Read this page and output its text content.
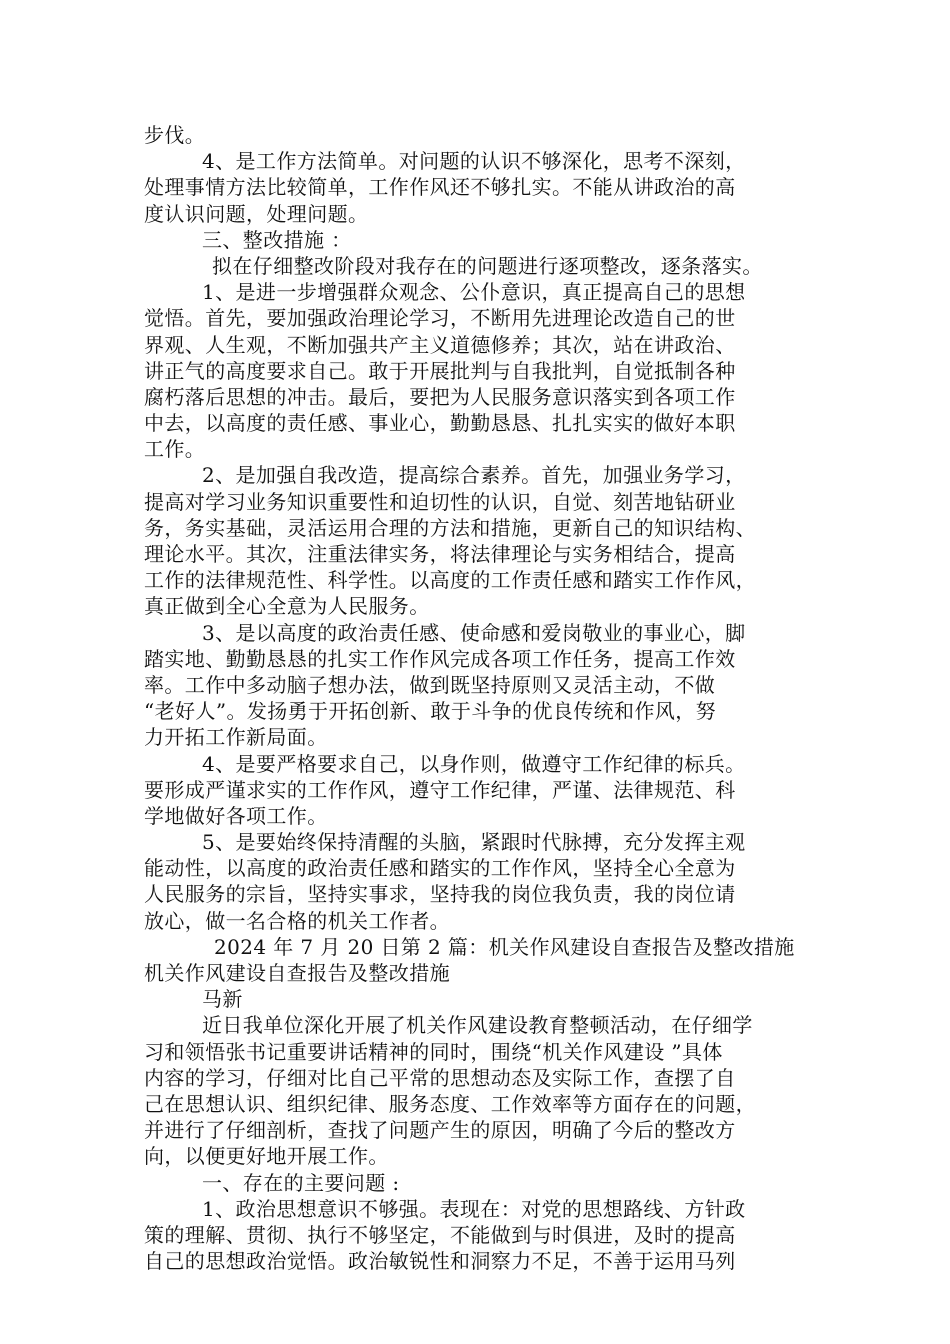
步伐。
4、是工作方法简单。对问题的认识不够深化，思考不深刻，
处理事情方法比较简单，工作作风还不够扎实。不能从讲政治的高
度认识问题，处理问题。
三、整改措施 ：
拟在仔细整改阶段对我存在的问题进行逐项整改，逐条落实。
1、是进一步增强群众观念、公仆意识，真正提高自己的思想
觉悟。首先，要加强政治理论学习，不断用先进理论改造自己的世
界观、人生观，不断加强共产主义道德修养；其次，站在讲政治、
讲正气的高度要求自己。敢于开展批判与自我批判，自觉抵制各种
腐朽落后思想的冲击。最后，要把为人民服务意识落实到各项工作
中去，以高度的责任感、事业心，勤勤恳恳、扎扎实实的做好本职
工作。
2、是加强自我改造，提高综合素养。首先，加强业务学习，
提高对学习业务知识重要性和迫切性的认识，自觉、刻苦地钻研业
务，务实基础，灵活运用合理的方法和措施，更新自己的知识结构、
理论水平。其次，注重法律实务，将法律理论与实务相结合，提高
工作的法律规范性、科学性。以高度的工作责任感和踏实工作作风，
真正做到全心全意为人民服务。
3、是以高度的政治责任感、使命感和爱岗敬业的事业心，脚
踏实地、勤勤恳恳的扎实工作作风完成各项工作任务，提高工作效
率。工作中多动脑子想办法，做到既坚持原则又灵活主动，不做
“老好人”。发扬勇于开拓创新、敢于斗争的优良传统和作风，努
力开拓工作新局面。
4、是要严格要求自己，以身作则，做遵守工作纪律的标兵。
要形成严谨求实的工作作风，遵守工作纪律，严谨、法律规范、科
学地做好各项工作。
5、是要始终保持清醒的头脑，紧跟时代脉搏，充分发挥主观
能动性，以高度的政治责任感和踏实的工作作风，坚持全心全意为
人民服务的宗旨，坚持实事求，坚持我的岗位我负责，我的岗位请
放心，做一名合格的机关工作者。
2024 年 7 月 20 日第 2 篇：机关作风建设自查报告及整改措施
机关作风建设自查报告及整改措施
马新
近日我单位深化开展了机关作风建设教育整顿活动，在仔细学
习和领悟张书记重要讲话精神的同时，围绕“机关作风建设 ”具体
内容的学习，仔细对比自己平常的思想动态及实际工作，查摆了自
己在思想认识、组织纪律、服务态度、工作效率等方面存在的问题，
并进行了仔细剖析，查找了问题产生的原因，明确了今后的整改方
向，以便更好地开展工作。
一、存在的主要问题 :
1、政治思想意识不够强。表现在：对党的思想路线、方针政
策的理解、贯彻、执行不够坚定，不能做到与时俱进，及时的提高
自己的思想政治觉悟。政治敏锐性和洞察力不足，不善于运用马列
